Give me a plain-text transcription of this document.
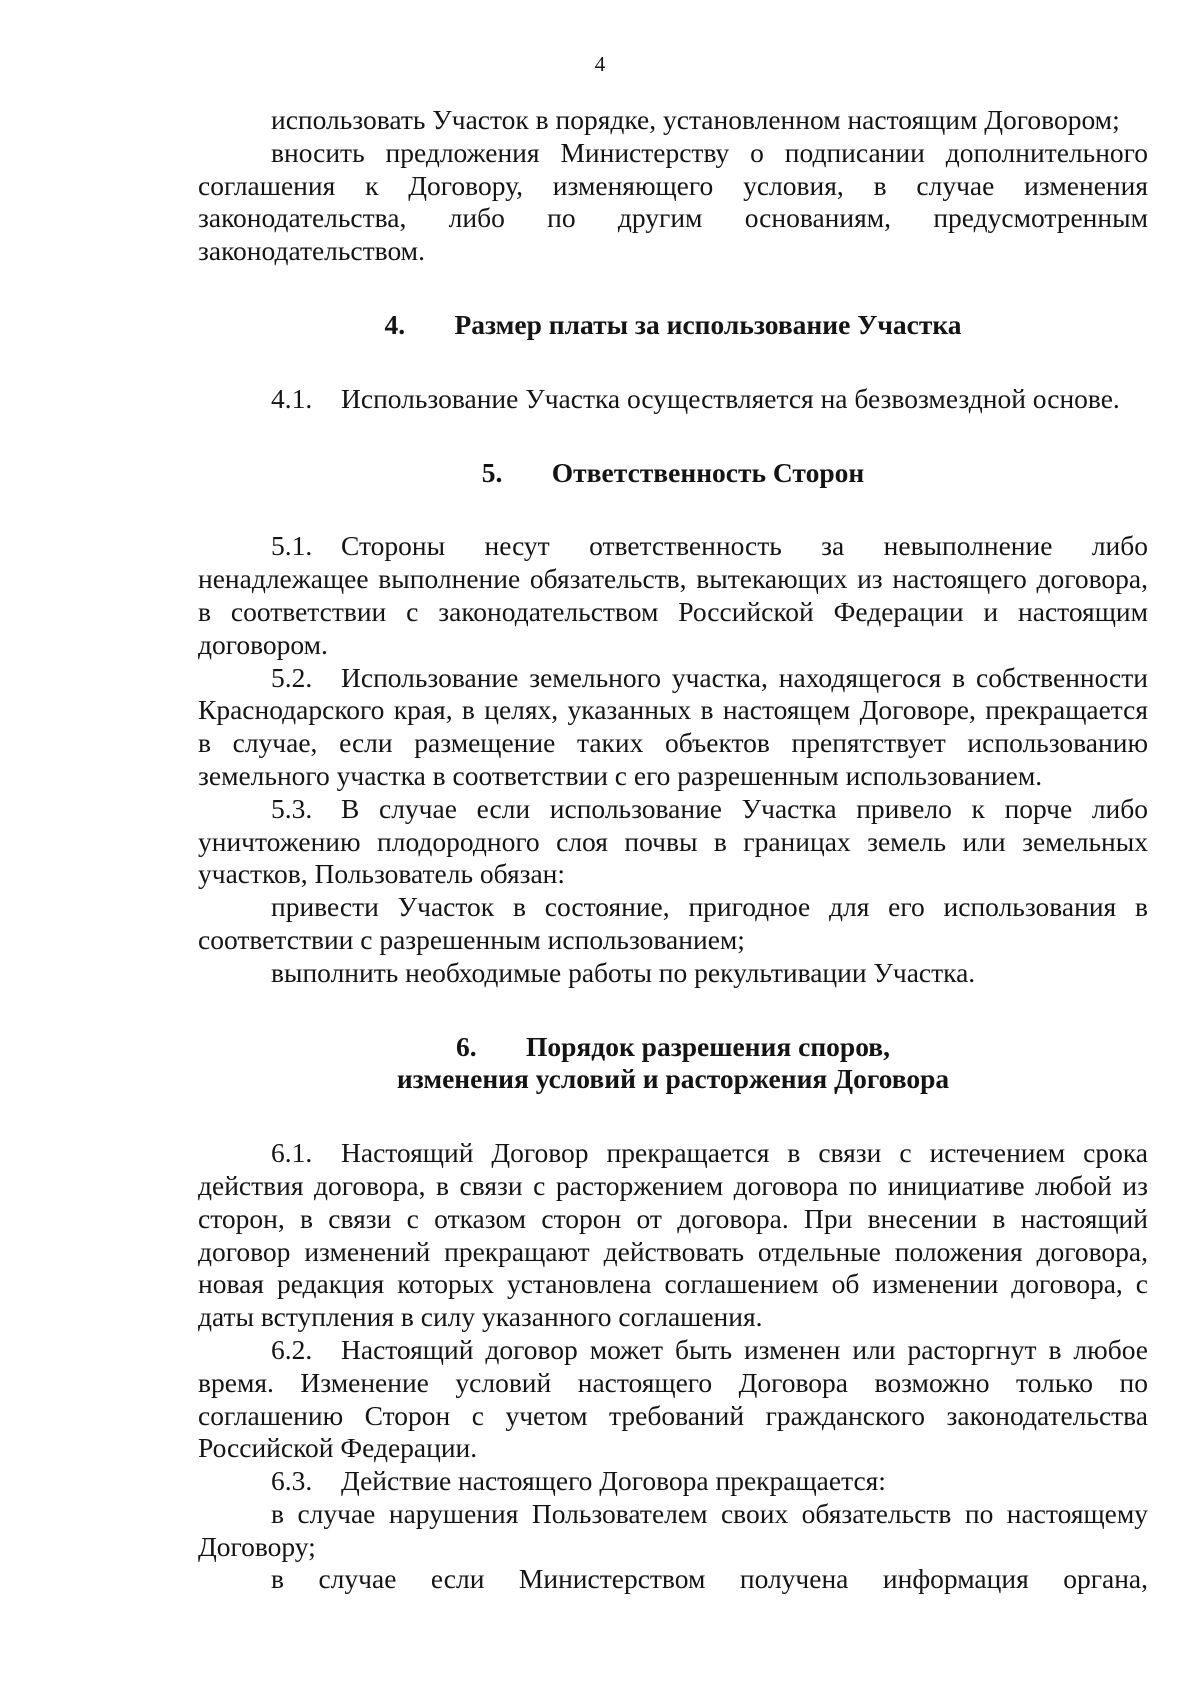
4

использовать Участок в порядке, установленном настоящим Договором;

вносить предложения Министерству о подписании дополнительного соглашения к Договору, изменяющего условия, в случае изменения законодательства, либо по другим основаниям, предусмотренным законодательством.

4. Размер платы за использование Участка

4.1. Использование Участка осуществляется на безвозмездной основе.

5. Ответственность Сторон

5.1. Стороны несут ответственность за невыполнение либо ненадлежащее выполнение обязательств, вытекающих из настоящего договора, в соответствии с законодательством Российской Федерации и настоящим договором.

5.2. Использование земельного участка, находящегося в собственности Краснодарского края, в целях, указанных в настоящем Договоре, прекращается в случае, если размещение таких объектов препятствует использованию земельного участка в соответствии с его разрешенным использованием.

5.3. В случае если использование Участка привело к порче либо уничтожению плодородного слоя почвы в границах земель или земельных участков, Пользователь обязан:

привести Участок в состояние, пригодное для его использования в соответствии с разрешенным использованием;

выполнить необходимые работы по рекультивации Участка.

6. Порядок разрешения споров,
изменения условий и расторжения Договора

6.1. Настоящий Договор прекращается в связи с истечением срока действия договора, в связи с расторжением договора по инициативе любой из сторон, в связи с отказом сторон от договора. При внесении в настоящий договор изменений прекращают действовать отдельные положения договора, новая редакция которых установлена соглашением об изменении договора, с даты вступления в силу указанного соглашения.

6.2. Настоящий договор может быть изменен или расторгнут в любое время. Изменение условий настоящего Договора возможно только по соглашению Сторон с учетом требований гражданского законодательства Российской Федерации.

6.3. Действие настоящего Договора прекращается:

в случае нарушения Пользователем своих обязательств по настоящему Договору;

в случае если Министерством получена информация органа,
